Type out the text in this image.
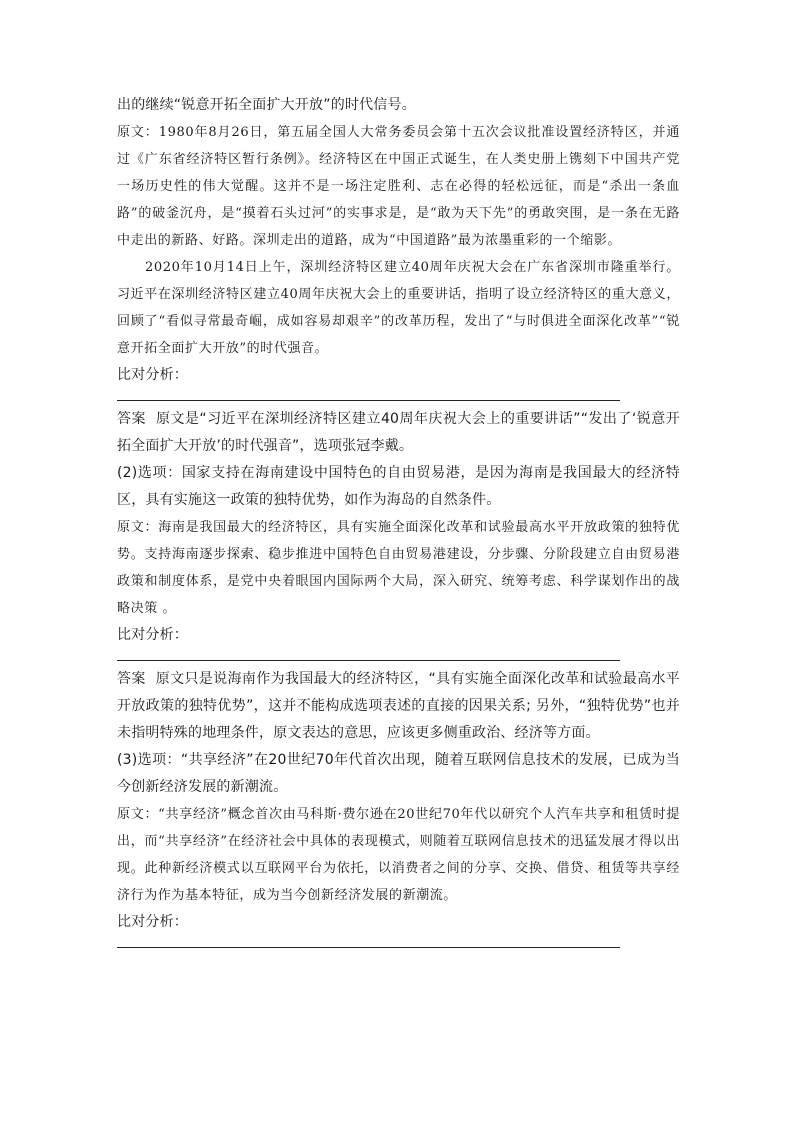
出的继续“锐意开拓全面扩大开放”的时代信号。

原文：1980年8月26日，第五届全国人大常务委员会第十五次会议批准设置经济特区，并通过《广东省经济特区暂行条例》。经济特区在中国正式诞生，在人类史册上镌刻下中国共产党一场历史性的伟大觉醒。这并不是一场注定胜利、志在必得的轻松远征，而是“杀出一条血路”的破釜沉舟，是“摸着石头过河”的实事求是，是“敢为天下先”的勇敢突围，是一条在无路中走出的新路、好路。深圳走出的道路，成为“中国道路”最为浓墨重彩的一个缩影。

2020年10月14日上午，深圳经济特区建立40周年庆祝大会在广东省深圳市隆重举行。习近平在深圳经济特区建立40周年庆祝大会上的重要讲话，指明了设立经济特区的重大意义，回顾了“看似寻常最奇崛，成如容易却艰辛”的改革历程，发出了“与时俱进全面深化改革”“锐意开拓全面扩大开放”的时代强音。

比对分析：

答案 原文是“习近平在深圳经济特区建立40周年庆祝大会上的重要讲话”“发出了‘锐意开拓全面扩大开放’的时代强音”，选项张冠李戴。

(2)选项：国家支持在海南建设中国特色的自由贸易港，是因为海南是我国最大的经济特区，具有实施这一政策的独特优势，如作为海岛的自然条件。

原文：海南是我国最大的经济特区，具有实施全面深化改革和试验最高水平开放政策的独特优势。支持海南逐步探索、稳步推进中国特色自由贸易港建设，分步骤、分阶段建立自由贸易港政策和制度体系，是党中央着眼国内国际两个大局，深入研究、统筹考虑、科学谋划作出的战略决策 。

比对分析：

答案 原文只是说海南作为我国最大的经济特区，“具有实施全面深化改革和试验最高水平开放政策的独特优势”，这并不能构成选项表述的直接的因果关系; 另外，“独特优势”也并未指明特殊的地理条件，原文表达的意思，应该更多侧重政治、经济等方面。

(3)选项：“共享经济”在20世纪70年代首次出现，随着互联网信息技术的发展，已成为当今创新经济发展的新潮流。

原文：“共享经济”概念首次由马科斯·费尔逊在20世纪70年代以研究个人汽车共享和租赁时提出，而“共享经济”在经济社会中具体的表现模式，则随着互联网信息技术的迅猛发展才得以出现。此种新经济模式以互联网平台为依托，以消费者之间的分享、交换、借贷、租赁等共享经济行为作为基本特征，成为当今创新经济发展的新潮流。

比对分析：
